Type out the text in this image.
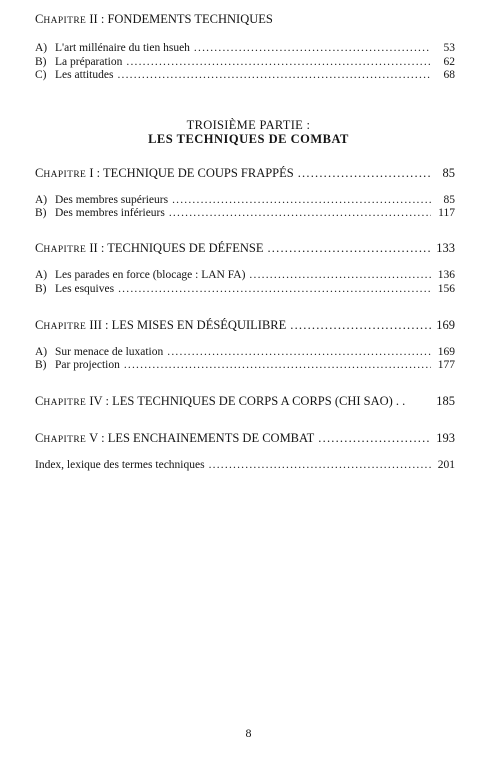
CHAPITRE II : FONDEMENTS TECHNIQUES
A) L'art millénaire du tien hsueh .....	53
B) La préparation .....	62
C) Les attitudes .....	68
TROISIÈME PARTIE :
LES TECHNIQUES DE COMBAT
CHAPITRE I : TECHNIQUE DE COUPS FRAPPÉS .....	85
A) Des membres supérieurs .....	85
B) Des membres inférieurs .....	117
CHAPITRE II : TECHNIQUES DE DÉFENSE .....	133
A) Les parades en force (blocage : LAN FA) .....	136
B) Les esquives .....	156
CHAPITRE III : LES MISES EN DÉSÉQUILIBRE .....	169
A) Sur menace de luxation .....	169
B) Par projection .....	177
CHAPITRE IV : LES TECHNIQUES DE CORPS A CORPS (CHI SAO) . . 185
CHAPITRE V : LES ENCHAINEMENTS DE COMBAT .....	193
Index, lexique des termes techniques .....	201
8
